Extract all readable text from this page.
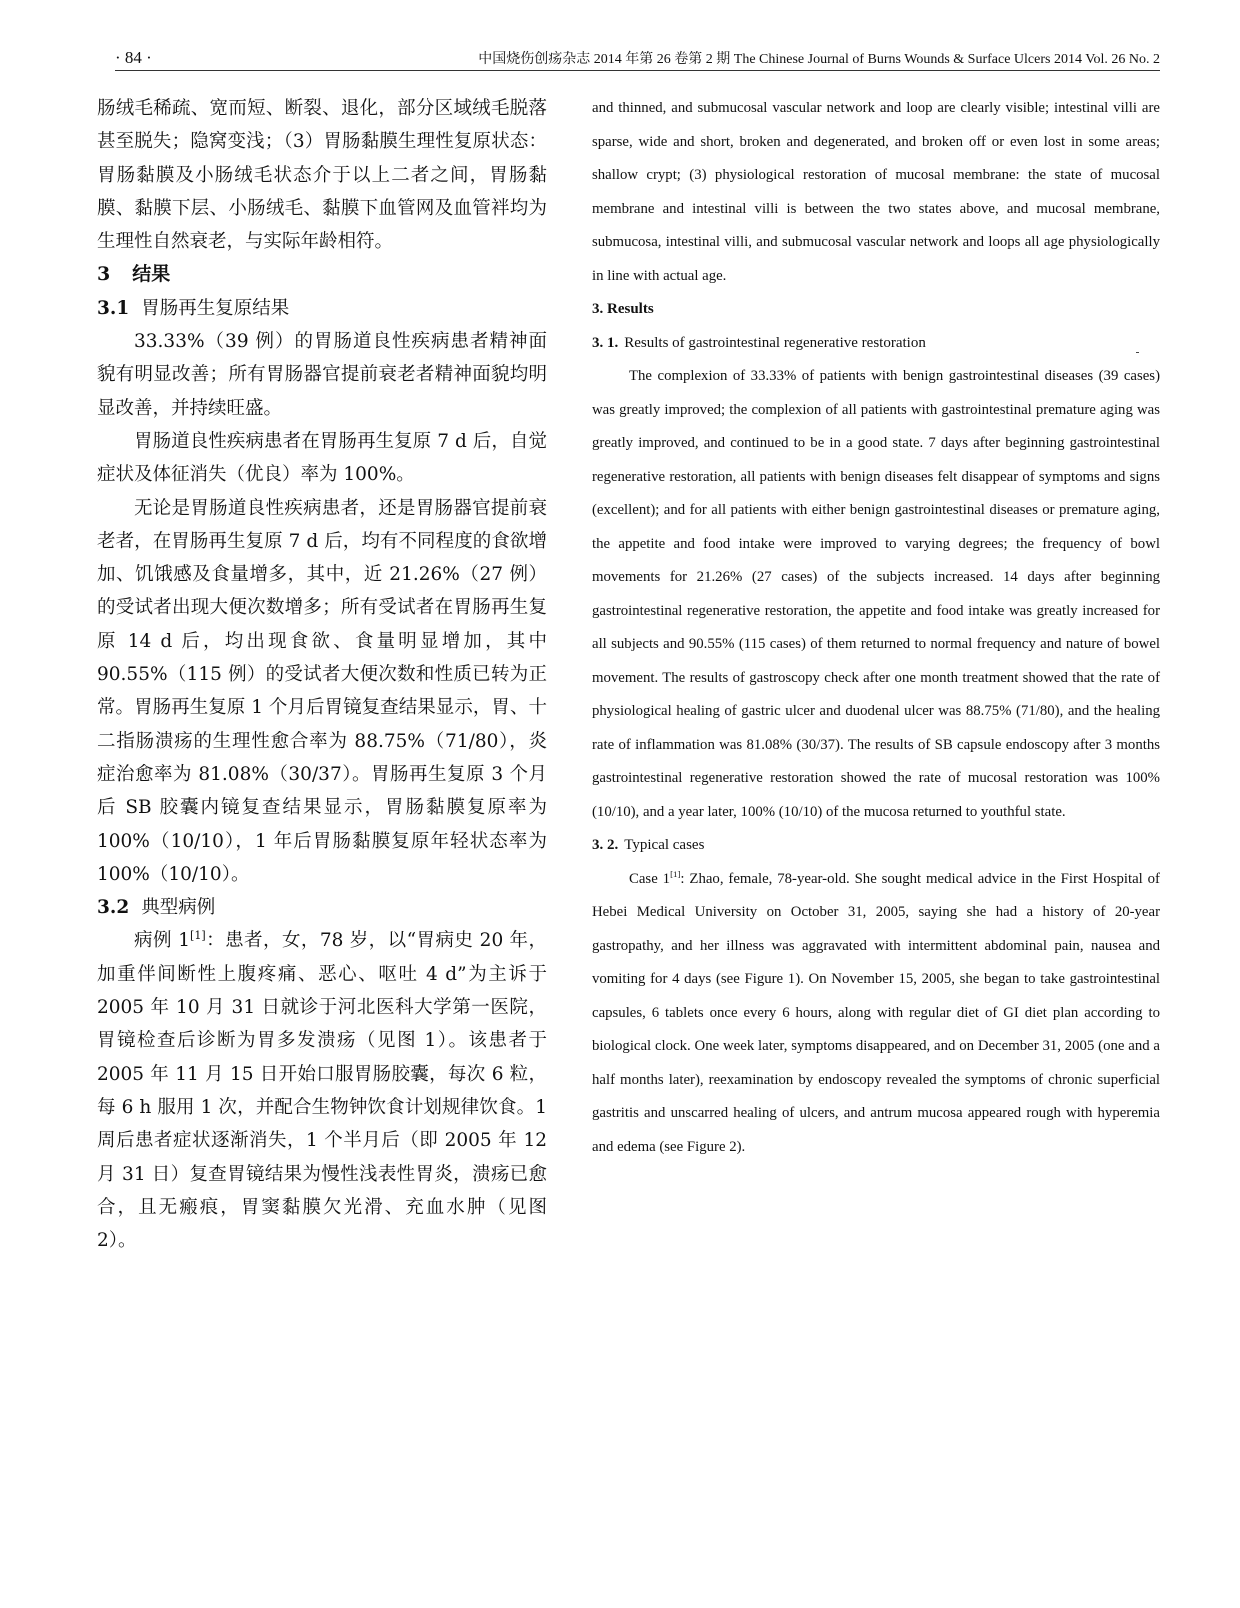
· 84 ·	中国烧伤创疡杂志 2014 年第 26 卷第 2 期 The Chinese Journal of Burns Wounds & Surface Ulcers 2014 Vol. 26 No. 2

肠绒毛稀疏、宽而短、断裂、退化，部分区域绒毛脱落甚至脱失；隐窝变浅；（3）胃肠黏膜生理性复原状态：胃肠黏膜及小肠绒毛状态介于以上二者之间，胃肠黏膜、黏膜下层、小肠绒毛、黏膜下血管网及血管袢均为生理性自然衰老，与实际年龄相符。

3 结果

3.1 胃肠再生复原结果

33.33%（39 例）的胃肠道良性疾病患者精神面貌有明显改善；所有胃肠器官提前衰老者精神面貌均明显改善，并持续旺盛。

胃肠道良性疾病患者在胃肠再生复原 7 d 后，自觉症状及体征消失（优良）率为 100%。

无论是胃肠道良性疾病患者，还是胃肠器官提前衰老者，在胃肠再生复原 7 d 后，均有不同程度的食欲增加、饥饿感及食量增多，其中，近 21.26%（27 例）的受试者出现大便次数增多；所有受试者在胃肠再生复原 14 d 后，均出现食欲、食量明显增加，其中 90.55%（115 例）的受试者大便次数和性质已转为正常。胃肠再生复原 1 个月后胃镜复查结果显示，胃、十二指肠溃疡的生理性愈合率为 88.75%（71/80），炎症治愈率为 81.08%（30/37）。胃肠再生复原 3 个月后 SB 胶囊内镜复查结果显示，胃肠黏膜复原率为 100%（10/10），1 年后胃肠黏膜复原年轻状态率为 100%（10/10）。

3.2 典型病例

病例 1[1]：患者，女，78 岁，以“胃病史 20 年，加重伴间断性上腹疼痛、恶心、呕吐 4 d”为主诉于 2005 年 10 月 31 日就诊于河北医科大学第一医院，胃镜检查后诊断为胃多发溃疡（见图 1）。该患者于 2005 年 11 月 15 日开始口服胃肠胶囊，每次 6 粒，每 6 h 服用 1 次，并配合生物钟饮食计划规律饮食。1 周后患者症状逐渐消失，1 个半月后（即 2005 年 12 月 31 日）复查胃镜结果为慢性浅表性胃炎，溃疡已愈合，且无瘢痕，胃窦黏膜欠光滑、充血水肿（见图 2）。

and thinned, and submucosal vascular network and loop are clearly visible; intestinal villi are sparse, wide and short, broken and degenerated, and broken off or even lost in some areas; shallow crypt; (3) physiological restoration of mucosal membrane: the state of mucosal membrane and intestinal villi is between the two states above, and mucosal membrane, submucosa, intestinal villi, and submucosal vascular network and loops all age physiologically in line with actual age.

3. Results

3. 1. Results of gastrointestinal regenerative restoration

The complexion of 33.33% of patients with benign gastrointestinal diseases (39 cases) was greatly improved; the complexion of all patients with gastrointestinal premature aging was greatly improved, and continued to be in a good state. 7 days after beginning gastrointestinal regenerative restoration, all patients with benign diseases felt disappear of symptoms and signs (excellent); and for all patients with either benign gastrointestinal diseases or premature aging, the appetite and food intake were improved to varying degrees; the frequency of bowl movements for 21.26% (27 cases) of the subjects increased. 14 days after beginning gastrointestinal regenerative restoration, the appetite and food intake was greatly increased for all subjects and 90.55% (115 cases) of them returned to normal frequency and nature of bowel movement. The results of gastroscopy check after one month treatment showed that the rate of physiological healing of gastric ulcer and duodenal ulcer was 88.75% (71/80), and the healing rate of inflammation was 81.08% (30/37). The results of SB capsule endoscopy after 3 months gastrointestinal regenerative restoration showed the rate of mucosal restoration was 100% (10/10), and a year later, 100% (10/10) of the mucosa returned to youthful state.

3. 2. Typical cases

Case 1[1]: Zhao, female, 78-year-old. She sought medical advice in the First Hospital of Hebei Medical University on October 31, 2005, saying she had a history of 20-year gastropathy, and her illness was aggravated with intermittent abdominal pain, nausea and vomiting for 4 days (see Figure 1). On November 15, 2005, she began to take gastrointestinal capsules, 6 tablets once every 6 hours, along with regular diet of GI diet plan according to biological clock. One week later, symptoms disappeared, and on December 31, 2005 (one and a half months later), reexamination by endoscopy revealed the symptoms of chronic superficial gastritis and unscarred healing of ulcers, and antrum mucosa appeared rough with hyperemia and edema (see Figure 2).
